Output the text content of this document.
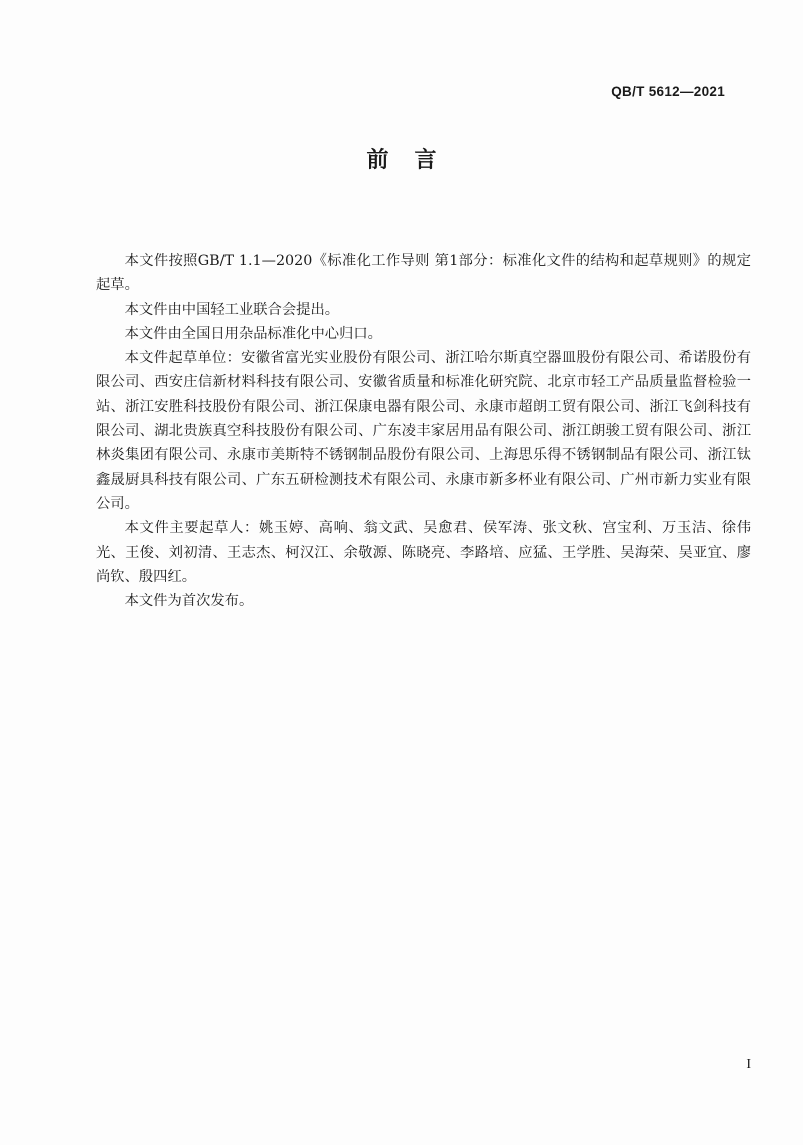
QB/T 5612—2021
前言

本文件按照GB/T 1.1—2020《标准化工作导则 第1部分：标准化文件的结构和起草规则》的规定起草。

本文件由中国轻工业联合会提出。

本文件由全国日用杂品标准化中心归口。

本文件起草单位：安徽省富光实业股份有限公司、浙江哈尔斯真空器皿股份有限公司、希诺股份有限公司、西安庄信新材料科技有限公司、安徽省质量和标准化研究院、北京市轻工产品质量监督检验一站、浙江安胜科技股份有限公司、浙江保康电器有限公司、永康市超朗工贸有限公司、浙江飞剑科技有限公司、湖北贵族真空科技股份有限公司、广东凌丰家居用品有限公司、浙江朗骏工贸有限公司、浙江林炎集团有限公司、永康市美斯特不锈钢制品股份有限公司、上海思乐得不锈钢制品有限公司、浙江钛鑫晟厨具科技有限公司、广东五研检测技术有限公司、永康市新多杯业有限公司、广州市新力实业有限公司。

本文件主要起草人：姚玉婷、高响、翁文武、吴愈君、侯军涛、张文秋、宫宝利、万玉洁、徐伟光、王俊、刘初清、王志杰、柯汉江、余敬源、陈晓亮、李路培、应猛、王学胜、吴海荣、吴亚宜、廖尚钦、殷四红。

本文件为首次发布。

I
